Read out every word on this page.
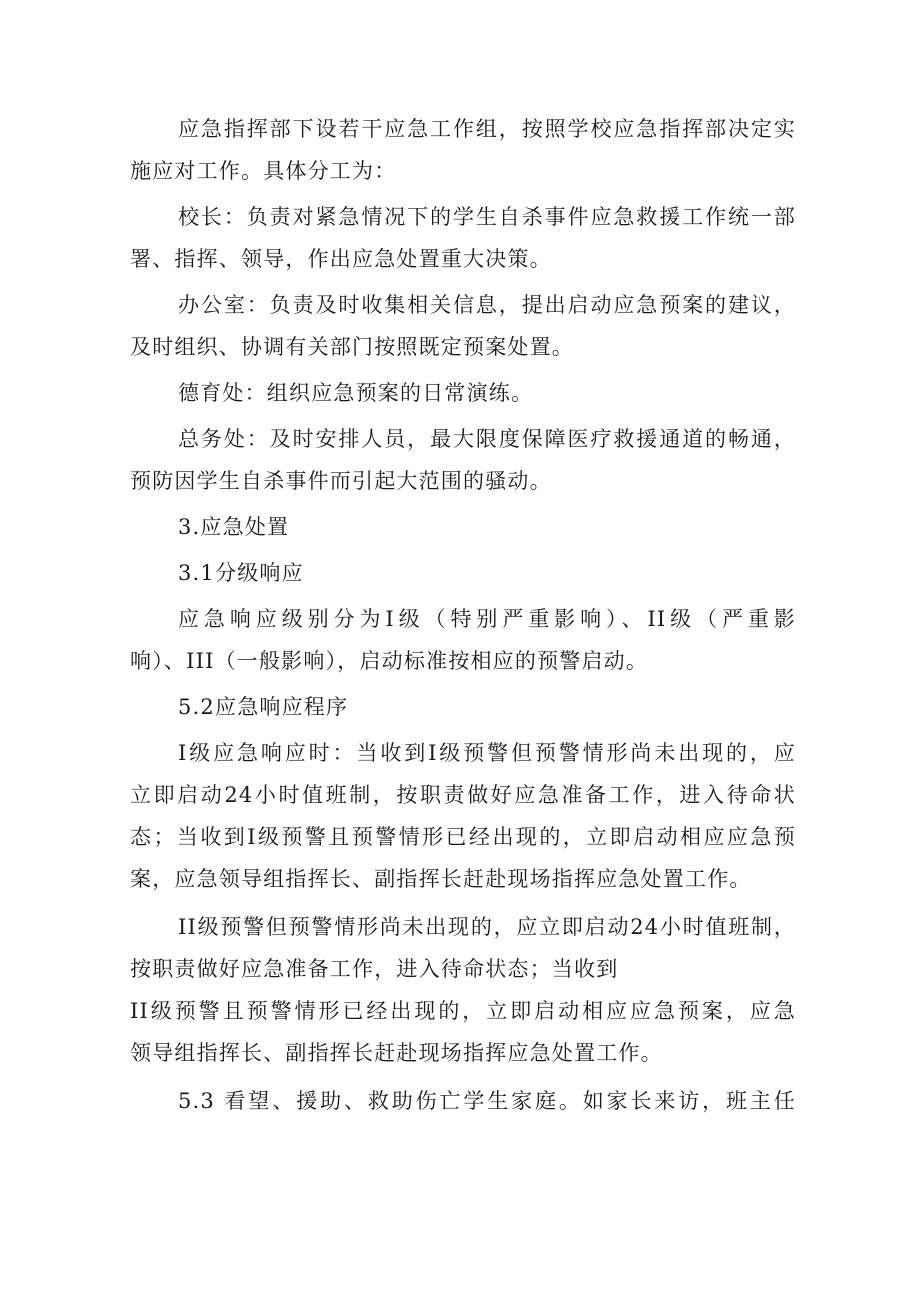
应急指挥部下设若干应急工作组，按照学校应急指挥部决定实
施应对工作。具体分工为：
校长：负责对紧急情况下的学生自杀事件应急救援工作统一部
署、指挥、领导，作出应急处置重大决策。
办公室：负责及时收集相关信息，提出启动应急预案的建议，
及时组织、协调有关部门按照既定预案处置。
德育处：组织应急预案的日常演练。
总务处：及时安排人员，最大限度保障医疗救援通道的畅通，
预防因学生自杀事件而引起大范围的骚动。
3.应急处置
3.1分级响应
应急响应级别分为Ⅰ级（特别严重影响）、II级（严重影
响）、III（一般影响），启动标准按相应的预警启动。
5.2应急响应程序
Ⅰ级应急响应时：当收到Ⅰ级预警但预警情形尚未出现的，应
立即启动24小时值班制，按职责做好应急准备工作，进入待命状
态；当收到Ⅰ级预警且预警情形已经出现的，立即启动相应应急预
案，应急领导组指挥长、副指挥长赶赴现场指挥应急处置工作。
II级预警但预警情形尚未出现的，应立即启动24小时值班制，
按职责做好应急准备工作，进入待命状态；当收到
II级预警且预警情形已经出现的，立即启动相应应急预案，应急
领导组指挥长、副指挥长赶赴现场指挥应急处置工作。
5.3 看望、援助、救助伤亡学生家庭。如家长来访，班主任
